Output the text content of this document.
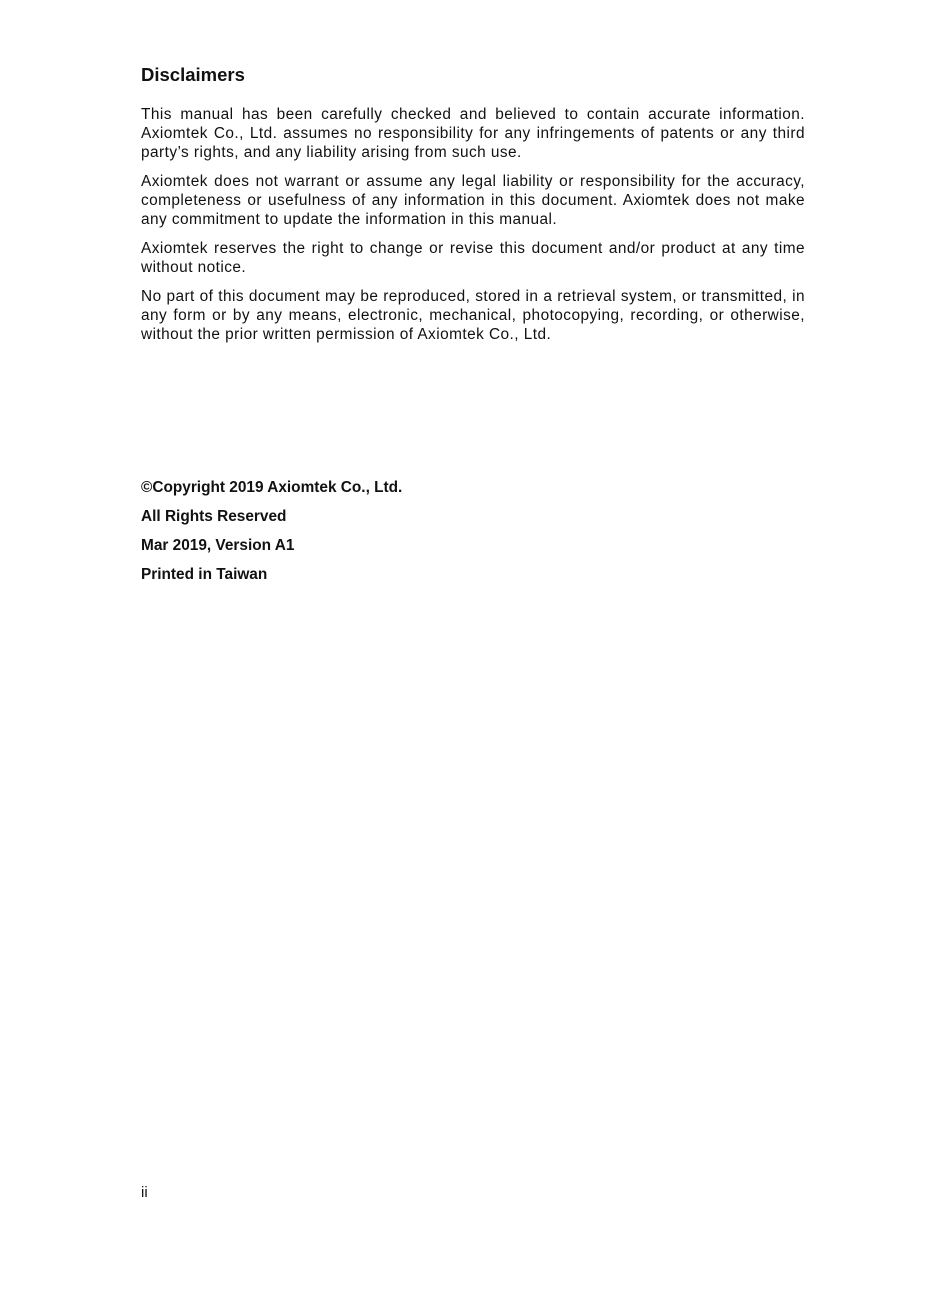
Disclaimers

This manual has been carefully checked and believed to contain accurate information. Axiomtek Co., Ltd. assumes no responsibility for any infringements of patents or any third party’s rights, and any liability arising from such use.

Axiomtek does not warrant or assume any legal liability or responsibility for the accuracy, completeness or usefulness of any information in this document. Axiomtek does not make any commitment to update the information in this manual.

Axiomtek reserves the right to change or revise this document and/or product at any time without notice.

No part of this document may be reproduced, stored in a retrieval system, or transmitted, in any form or by any means, electronic, mechanical, photocopying, recording, or otherwise, without the prior written permission of Axiomtek Co., Ltd.

©Copyright 2019 Axiomtek Co., Ltd.
All Rights Reserved
Mar 2019, Version A1
Printed in Taiwan
ii
